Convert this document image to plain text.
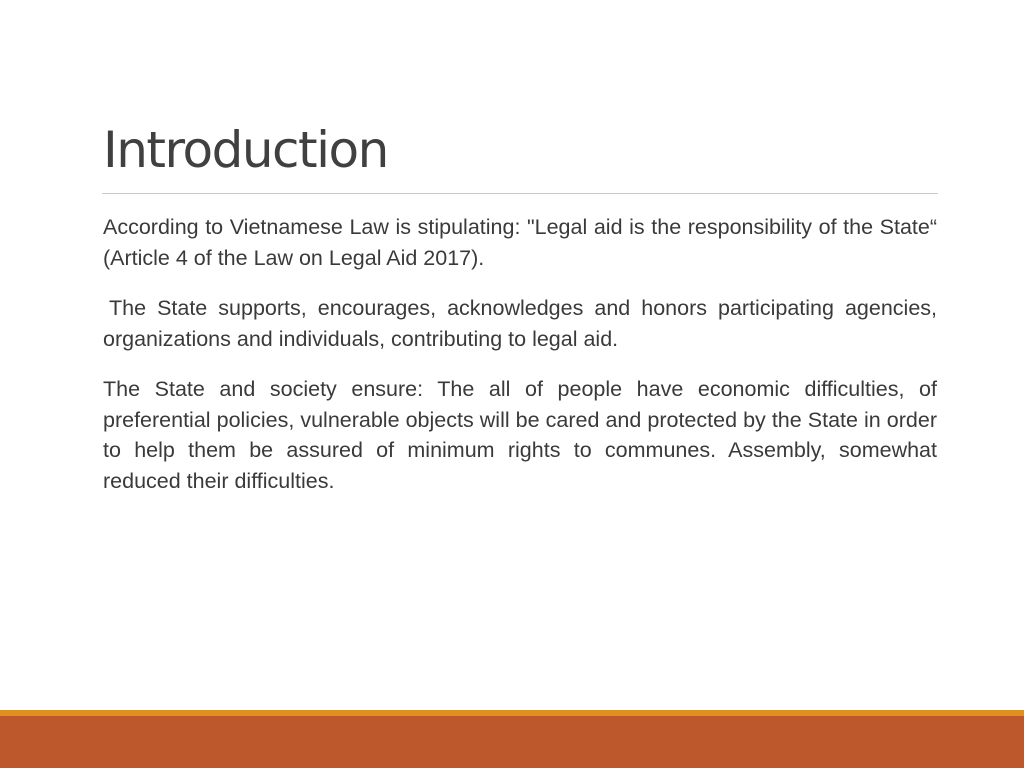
Introduction

According to Vietnamese Law is stipulating: "Legal aid is the responsibility of the State“ (Article 4 of the Law on Legal Aid 2017).

The State supports, encourages, acknowledges and honors participating agencies, organizations and individuals, contributing to legal aid.

The State and society ensure: The all of people have economic difficulties, of preferential policies, vulnerable objects will be cared and protected by the State in order to help them be assured of minimum rights to communes. Assembly, somewhat reduced their difficulties.
